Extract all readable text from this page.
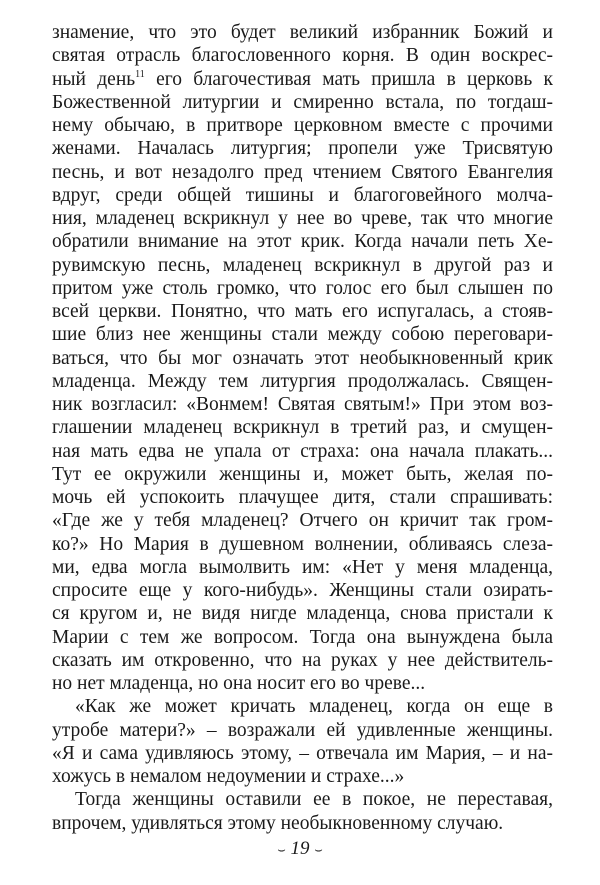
знамение, что это будет великий избранник Божий и
святая отрасль благословенного корня. В один воскрес-
ный день$^{11}$ его благочестивая мать пришла в церковь к
Божественной литургии и смиренно встала, по тогдаш-
нему обычаю, в притворе церковном вместе с прочими
женами. Началась литургия; пропели уже Трисвятую
песнь, и вот незадолго пред чтением Святого Евангелия
вдруг, среди общей тишины и благоговейного молча-
ния, младенец вскрикнул у нее во чреве, так что многие
обратили внимание на этот крик. Когда начали петь Хе-
рувимскую песнь, младенец вскрикнул в другой раз и
притом уже столь громко, что голос его был слышен по
всей церкви. Понятно, что мать его испугалась, а стояв-
шие близ нее женщины стали между собою переговари-
ваться, что бы мог означать этот необыкновенный крик
младенца. Между тем литургия продолжалась. Священ-
ник возгласил: «Вонмем! Святая святым!» При этом воз-
глашении младенец вскрикнул в третий раз, и смущен-
ная мать едва не упала от страха: она начала плакать...
Тут ее окружили женщины и, может быть, желая по-
мочь ей успокоить плачущее дитя, стали спрашивать:
«Где же у тебя младенец? Отчего он кричит так гром-
ко?» Но Мария в душевном волнении, обливаясь слеза-
ми, едва могла вымолвить им: «Нет у меня младенца,
спросите еще у кого-нибудь». Женщины стали озирать-
ся кругом и, не видя нигде младенца, снова пристали к
Марии с тем же вопросом. Тогда она вынуждена была
сказать им откровенно, что на руках у нее действитель-
но нет младенца, но она носит его во чреве...
«Как же может кричать младенец, когда он еще в
утробе матери?» – возражали ей удивленные женщины.
«Я и сама удивляюсь этому, – отвечала им Мария, – и на-
хожусь в немалом недоумении и страхе...»
Тогда женщины оставили ее в покое, не переставая,
впрочем, удивляться этому необыкновенному случаю.
⌣ 19 ⌣
